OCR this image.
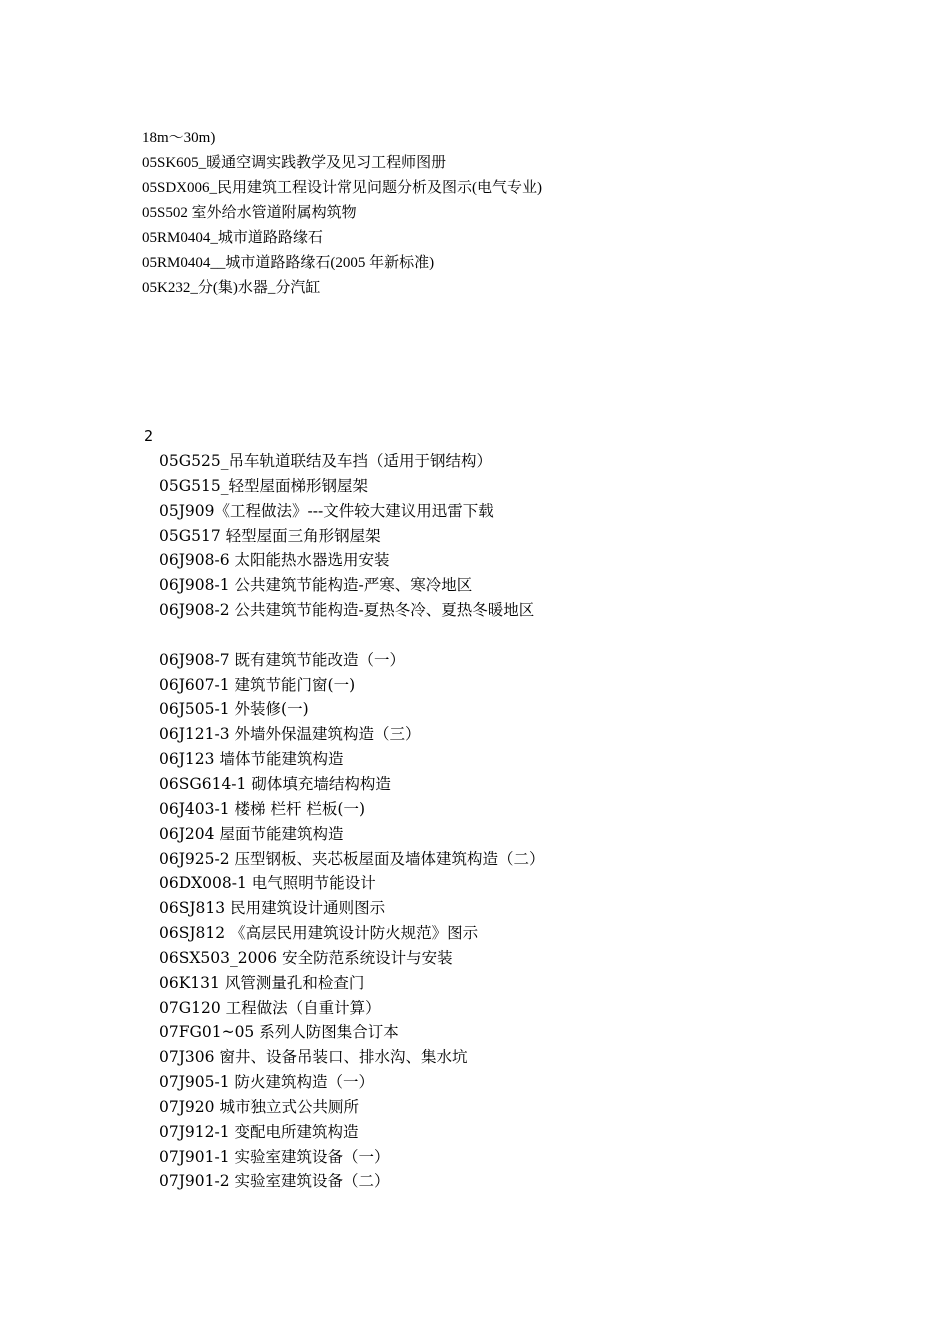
18m～30m)
05SK605_暖通空调实践教学及见习工程师图册
05SDX006_民用建筑工程设计常见问题分析及图示(电气专业)
05S502 室外给水管道附属构筑物
05RM0404_城市道路路缘石
05RM0404__城市道路路缘石(2005 年新标准)
05K232_分(集)水器_分汽缸
2
05G525_吊车轨道联结及车挡（适用于钢结构）
05G515_轻型屋面梯形钢屋架
05J909《工程做法》---文件较大建议用迅雷下载
05G517 轻型屋面三角形钢屋架
06J908-6 太阳能热水器选用安装
06J908-1 公共建筑节能构造-严寒、寒冷地区
06J908-2 公共建筑节能构造-夏热冬冷、夏热冬暖地区
06J908-7 既有建筑节能改造（一）
06J607-1 建筑节能门窗(一)
06J505-1 外装修(一)
06J121-3 外墙外保温建筑构造（三）
06J123 墙体节能建筑构造
06SG614-1 砌体填充墙结构构造
06J403-1 楼梯 栏杆 栏板(一)
06J204 屋面节能建筑构造
06J925-2 压型钢板、夹芯板屋面及墙体建筑构造（二）
06DX008-1 电气照明节能设计
06SJ813 民用建筑设计通则图示
06SJ812 《高层民用建筑设计防火规范》图示
06SX503_2006 安全防范系统设计与安装
06K131 风管测量孔和检查门
07G120 工程做法（自重计算）
07FG01~05 系列人防图集合订本
07J306 窗井、设备吊装口、排水沟、集水坑
07J905-1 防火建筑构造（一）
07J920 城市独立式公共厕所
07J912-1 变配电所建筑构造
07J901-1 实验室建筑设备（一）
07J901-2 实验室建筑设备（二）
